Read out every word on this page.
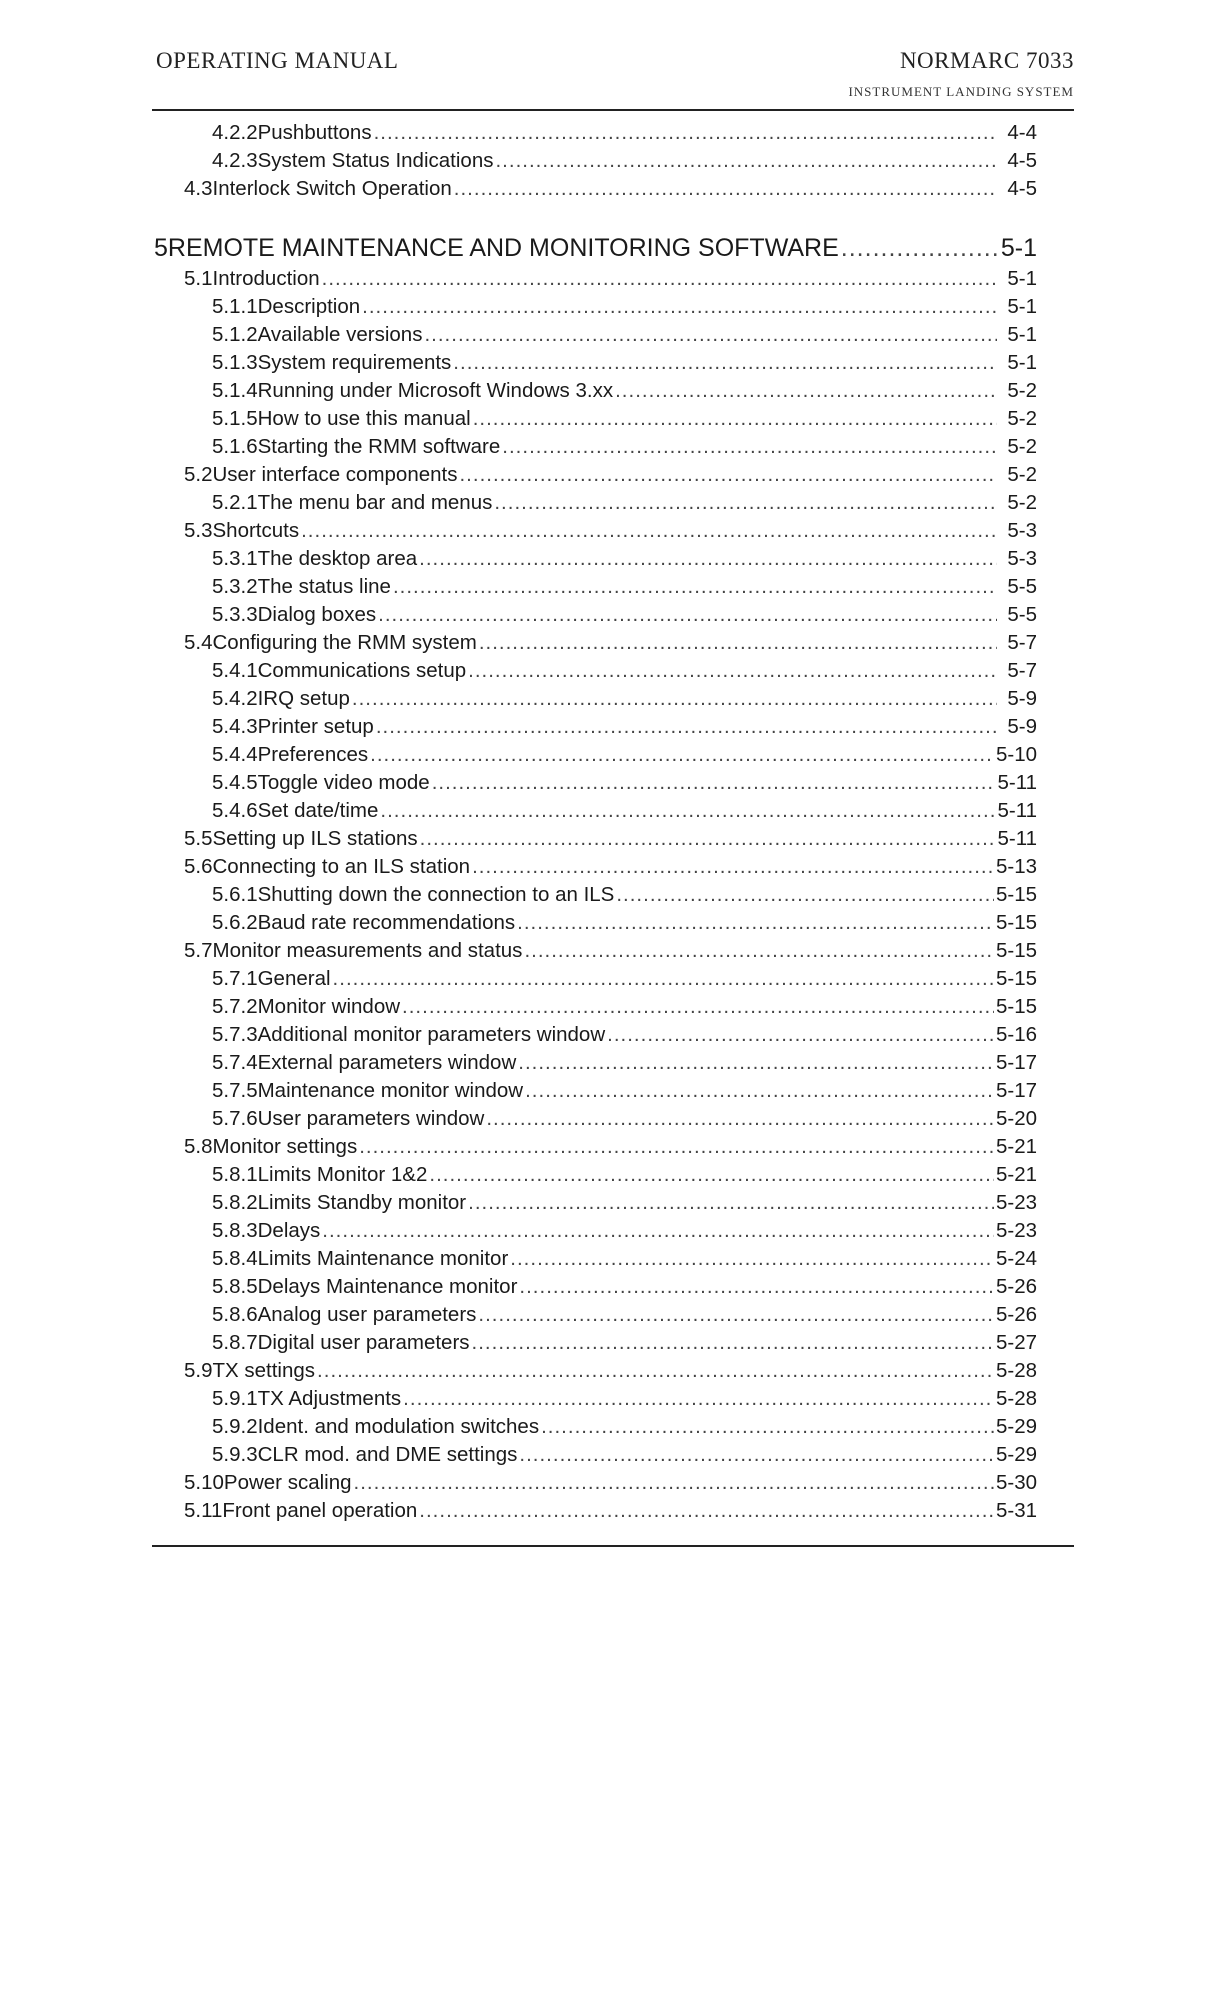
OPERATING MANUAL	NORMARC 7033
INSTRUMENT LANDING SYSTEM
4.2.2 Pushbuttons .....	4-4
4.2.3 System Status Indications .....	4-5
4.3 Interlock Switch Operation .....	4-5
5 REMOTE MAINTENANCE AND MONITORING SOFTWARE .....	5-1
5.1 Introduction .....	5-1
5.1.1 Description .....	5-1
5.1.2 Available versions .....	5-1
5.1.3 System requirements .....	5-1
5.1.4 Running under Microsoft Windows 3.xx .....	5-2
5.1.5 How to use this manual .....	5-2
5.1.6 Starting the RMM software .....	5-2
5.2 User interface components .....	5-2
5.2.1 The menu bar and menus .....	5-2
5.3 Shortcuts .....	5-3
5.3.1 The desktop area .....	5-3
5.3.2 The status line .....	5-5
5.3.3 Dialog boxes .....	5-5
5.4 Configuring the RMM system .....	5-7
5.4.1 Communications setup .....	5-7
5.4.2 IRQ setup .....	5-9
5.4.3 Printer setup .....	5-9
5.4.4 Preferences .....	5-10
5.4.5 Toggle video mode .....	5-11
5.4.6 Set date/time .....	5-11
5.5 Setting up ILS stations .....	5-11
5.6 Connecting to an ILS station .....	5-13
5.6.1 Shutting down the connection to an ILS .....	5-15
5.6.2 Baud rate recommendations .....	5-15
5.7 Monitor measurements and status .....	5-15
5.7.1 General .....	5-15
5.7.2 Monitor window .....	5-15
5.7.3 Additional monitor parameters window .....	5-16
5.7.4 External parameters window .....	5-17
5.7.5 Maintenance monitor window .....	5-17
5.7.6 User parameters window .....	5-20
5.8 Monitor settings .....	5-21
5.8.1 Limits Monitor 1&2 .....	5-21
5.8.2 Limits Standby monitor .....	5-23
5.8.3 Delays .....	5-23
5.8.4 Limits Maintenance monitor .....	5-24
5.8.5 Delays Maintenance monitor .....	5-26
5.8.6 Analog user parameters .....	5-26
5.8.7 Digital user parameters .....	5-27
5.9 TX settings .....	5-28
5.9.1 TX Adjustments .....	5-28
5.9.2 Ident. and modulation switches .....	5-29
5.9.3 CLR mod. and DME settings .....	5-29
5.10 Power scaling .....	5-30
5.11 Front panel operation .....	5-31
